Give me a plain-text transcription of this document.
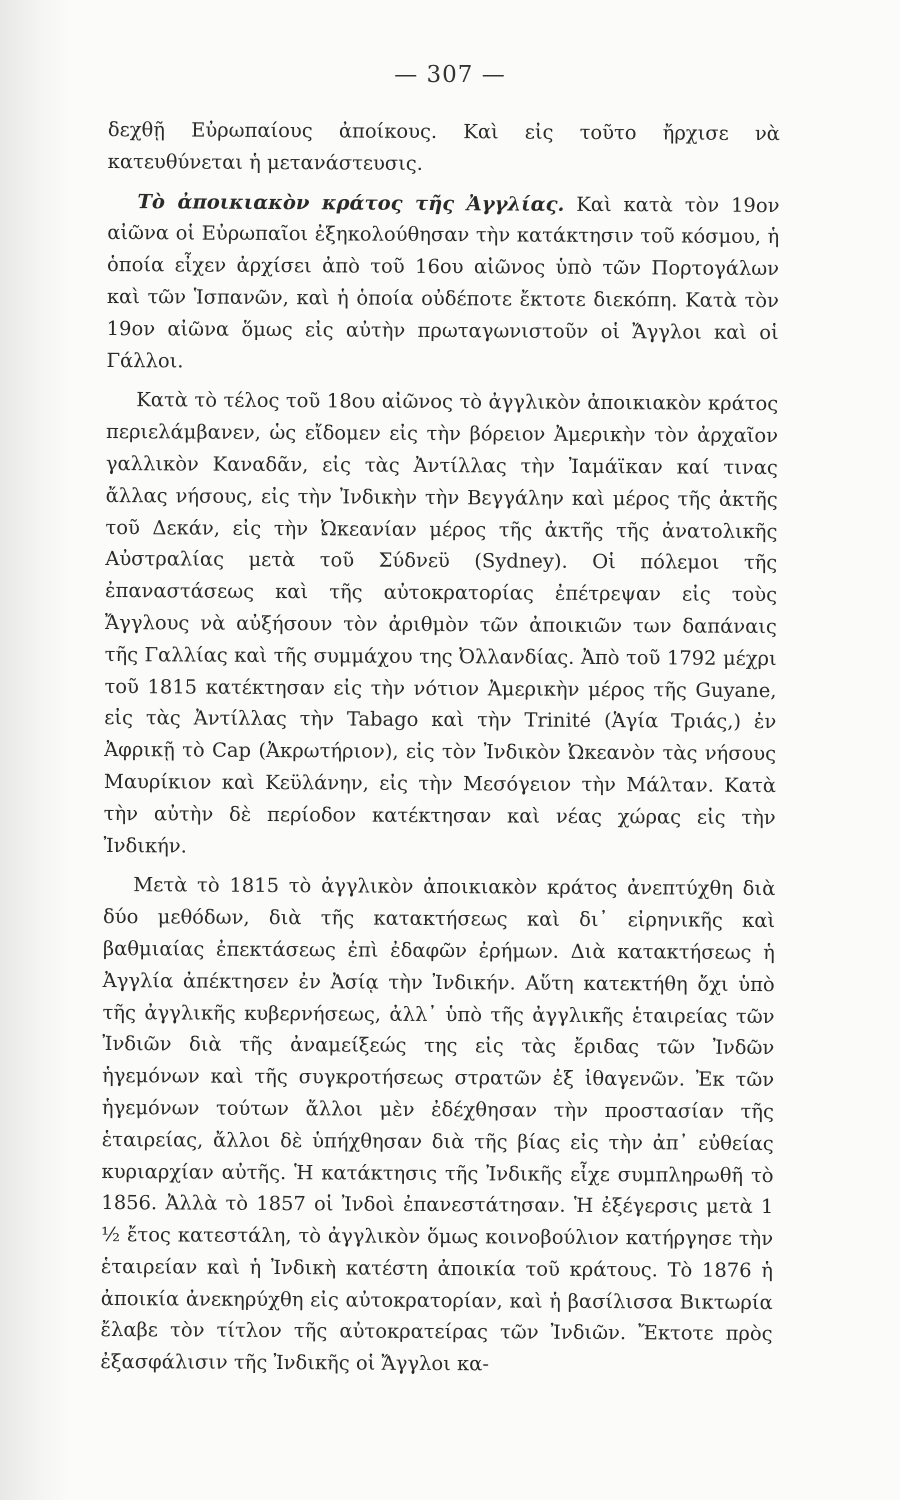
— 307 —

δεχθῇ Εὐρωπαίους ἀποίκους. Καὶ εἰς τοῦτο ἤρχισε νὰ κατευθύνεται ἡ μετανάστευσις.

Τὸ ἀποικιακὸν κράτος τῆς Ἀγγλίας. Καὶ κατὰ τὸν 19ον αἰῶνα οἱ Εὐρωπαῖοι ἐξηκολούθησαν τὴν κατάκτησιν τοῦ κόσμου, ἡ ὁποία εἶχεν ἀρχίσει ἀπὸ τοῦ 16ου αἰῶνος ὑπὸ τῶν Πορτογάλων καὶ τῶν Ἱσπανῶν, καὶ ἡ ὁποία οὐδέποτε ἔκτοτε διεκόπη. Κατὰ τὸν 19ον αἰῶνα ὅμως εἰς αὐτὴν πρωταγωνιστοῦν οἱ Ἄγγλοι καὶ οἱ Γάλλοι.

Κατὰ τὸ τέλος τοῦ 18ου αἰῶνος τὸ ἀγγλικὸν ἀποικιακὸν κράτος περιελάμβανεν, ὡς εἴδομεν εἰς τὴν βόρειον Ἀμερικὴν τὸν ἀρχαῖον γαλλικὸν Καναδᾶν, εἰς τὰς Ἀντίλλας τὴν Ἰαμάϊκαν καί τινας ἄλλας νήσους, εἰς τὴν Ἰνδικὴν τὴν Βεγγάλην καὶ μέρος τῆς ἀκτῆς τοῦ Δεκάν, εἰς τὴν Ὠκεανίαν μέρος τῆς ἀκτῆς τῆς ἀνατολικῆς Αὐστραλίας μετὰ τοῦ Σύδνεϋ (Sydney). Οἱ πόλεμοι τῆς ἐπαναστάσεως καὶ τῆς αὐτοκρατορίας ἐπέτρεψαν εἰς τοὺς Ἄγγλους νὰ αὐξήσουν τὸν ἀριθμὸν τῶν ἀποικιῶν των δαπάναις τῆς Γαλλίας καὶ τῆς συμμάχου της Ὀλλανδίας. Ἀπὸ τοῦ 1792 μέχρι τοῦ 1815 κατέκτησαν εἰς τὴν νότιον Ἀμερικὴν μέρος τῆς Guyane, εἰς τὰς Ἀντίλλας τὴν Tabago καὶ τὴν Trinité (Ἁγία Τριάς,) ἐν Ἀφρικῇ τὸ Cap (Ἀκρωτήριον), εἰς τὸν Ἰνδικὸν Ὠκεανὸν τὰς νήσους Μαυρίκιον καὶ Κεϋλάνην, εἰς τὴν Μεσόγειον τὴν Μάλταν. Κατὰ τὴν αὐτὴν δὲ περίοδον κατέκτησαν καὶ νέας χώρας εἰς τὴν Ἰνδικήν.

Μετὰ τὸ 1815 τὸ ἀγγλικὸν ἀποικιακὸν κράτος ἀνεπτύχθη διὰ δύο μεθόδων, διὰ τῆς κατακτήσεως καὶ δι᾽ εἰρηνικῆς καὶ βαθμιαίας ἐπεκτάσεως ἐπὶ ἐδαφῶν ἐρήμων. Διὰ κατακτήσεως ἡ Ἀγγλία ἀπέκτησεν ἐν Ἀσίᾳ τὴν Ἰνδικήν. Αὕτη κατεκτήθη ὄχι ὑπὸ τῆς ἀγγλικῆς κυβερνήσεως, ἀλλ᾽ ὑπὸ τῆς ἀγγλικῆς ἑταιρείας τῶν Ἰνδιῶν διὰ τῆς ἀναμείξεώς της εἰς τὰς ἔριδας τῶν Ἰνδῶν ἡγεμόνων καὶ τῆς συγκροτήσεως στρατῶν ἐξ ἰθαγενῶν. Ἐκ τῶν ἡγεμόνων τούτων ἄλλοι μὲν ἐδέχθησαν τὴν προστασίαν τῆς ἑταιρείας, ἄλλοι δὲ ὑπήχθησαν διὰ τῆς βίας εἰς τὴν ἀπ᾽ εὐθείας κυριαρχίαν αὐτῆς. Ἡ κατάκτησις τῆς Ἰνδικῆς εἶχε συμπληρωθῆ τὸ 1856. Ἀλλὰ τὸ 1857 οἱ Ἰνδοὶ ἐπανεστάτησαν. Ἡ ἐξέγερσις μετὰ 1 ½ ἔτος κατεστάλη, τὸ ἀγγλικὸν ὅμως κοινοβούλιον κατήργησε τὴν ἑταιρείαν καὶ ἡ Ἰνδικὴ κατέστη ἀποικία τοῦ κράτους. Τὸ 1876 ἡ ἀποικία ἀνεκηρύχθη εἰς αὐτοκρατορίαν, καὶ ἡ βασίλισσα Βικτωρία ἔλαβε τὸν τίτλον τῆς αὐτοκρατείρας τῶν Ἰνδιῶν. Ἔκτοτε πρὸς ἐξασφάλισιν τῆς Ἰνδικῆς οἱ Ἄγγλοι κα-
